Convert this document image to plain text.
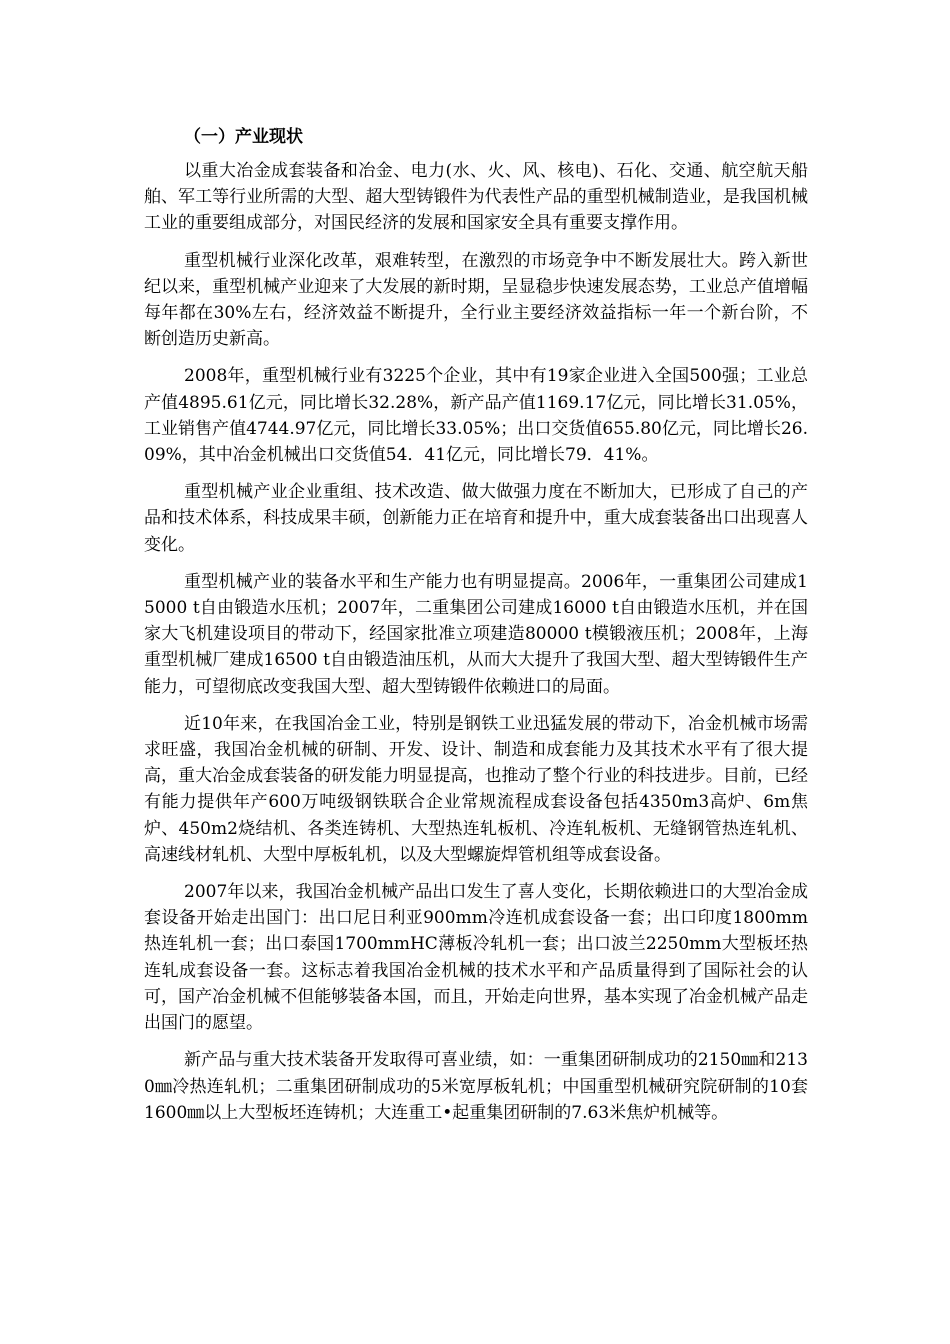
（一）产业现状

以重大冶金成套装备和冶金、电力(水、火、风、核电)、石化、交通、航空航天船舶、军工等行业所需的大型、超大型铸锻件为代表性产品的重型机械制造业，是我国机械工业的重要组成部分，对国民经济的发展和国家安全具有重要支撑作用。

重型机械行业深化改革，艰难转型，在激烈的市场竞争中不断发展壮大。跨入新世纪以来，重型机械产业迎来了大发展的新时期，呈显稳步快速发展态势，工业总产值增幅每年都在30%左右，经济效益不断提升，全行业主要经济效益指标一年一个新台阶，不断创造历史新高。

2008年，重型机械行业有3225个企业，其中有19家企业进入全国500强；工业总产值4895.61亿元，同比增长32.28%，新产品产值1169.17亿元，同比增长31.05%，工业销售产值4744.97亿元，同比增长33.05%；出口交货值655.80亿元，同比增长26.09%，其中冶金机械出口交货值54．41亿元，同比增长79．41%。

重型机械产业企业重组、技术改造、做大做强力度在不断加大，已形成了自己的产品和技术体系，科技成果丰硕，创新能力正在培育和提升中，重大成套装备出口出现喜人变化。

重型机械产业的装备水平和生产能力也有明显提高。2006年，一重集团公司建成15000 t自由锻造水压机；2007年，二重集团公司建成16000 t自由锻造水压机，并在国家大飞机建设项目的带动下，经国家批准立项建造80000 t模锻液压机；2008年，上海重型机械厂建成16500 t自由锻造油压机，从而大大提升了我国大型、超大型铸锻件生产能力，可望彻底改变我国大型、超大型铸锻件依赖进口的局面。

近10年来，在我国冶金工业，特别是钢铁工业迅猛发展的带动下，冶金机械市场需求旺盛，我国冶金机械的研制、开发、设计、制造和成套能力及其技术水平有了很大提高，重大冶金成套装备的研发能力明显提高，也推动了整个行业的科技进步。目前，已经有能力提供年产600万吨级钢铁联合企业常规流程成套设备包括4350m3高炉、6m焦炉、450m2烧结机、各类连铸机、大型热连轧板机、冷连轧板机、无缝钢管热连轧机、高速线材轧机、大型中厚板轧机，以及大型螺旋焊管机组等成套设备。

2007年以来，我国冶金机械产品出口发生了喜人变化，长期依赖进口的大型冶金成套设备开始走出国门：出口尼日利亚900mm冷连机成套设备一套；出口印度1800mm热连轧机一套；出口泰国1700mmHC薄板冷轧机一套；出口波兰2250mm大型板坯热连轧成套设备一套。这标志着我国冶金机械的技术水平和产品质量得到了国际社会的认可，国产冶金机械不但能够装备本国，而且，开始走向世界，基本实现了冶金机械产品走出国门的愿望。

新产品与重大技术装备开发取得可喜业绩，如：一重集团研制成功的2150㎜和2130㎜冷热连轧机；二重集团研制成功的5米宽厚板轧机；中国重型机械研究院研制的10套1600㎜以上大型板坯连铸机；大连重工•起重集团研制的7.63米焦炉机械等。
